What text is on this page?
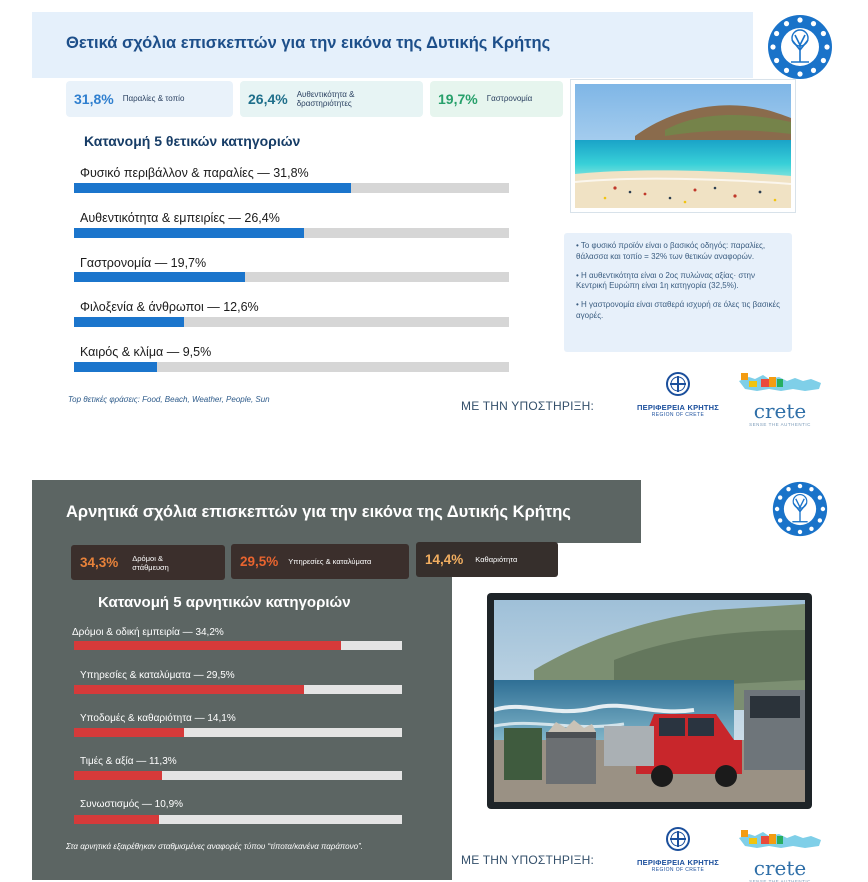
Θετικά σχόλια επισκεπτών για την εικόνα της Δυτικής Κρήτης
31,8% Παραλίες & τοπίο	26,4% Αυθεντικότητα & δραστηριότητες	19,7% Γαστρονομία
Κατανομή 5 θετικών κατηγοριών
Φυσικό περιβάλλον & παραλίες — 31,8%
Αυθεντικότητα & εμπειρίες — 26,4%
Γαστρονομία — 19,7%
Φιλοξενία & άνθρωποι — 12,6%
Καιρός & κλίμα — 9,5%
Top θετικές φράσεις: Food, Beach, Weather, People, Sun

• Το φυσικό προϊόν είναι ο βασικός οδηγός: παραλίες, θάλασσα και τοπίο = 32% των θετικών αναφορών.

• Η αυθεντικότητα είναι ο 2ος πυλώνας αξίας· στην Κεντρική Ευρώπη είναι 1η κατηγορία (32,5%).

• Η γαστρονομία είναι σταθερά ισχυρή σε όλες τις βασικές αγορές.

ΜΕ ΤΗΝ ΥΠΟΣΤΗΡΙΞΗ:	ΠΕΡΙΦΕΡΕΙΑ ΚΡΗΤΗΣ
REGION OF CRETE	crete
SENSE THE AUTHENTIC
Αρνητικά σχόλια επισκεπτών για την εικόνα της Δυτικής Κρήτης
34,3% Δρόμοι & στάθμευση	29,5% Υπηρεσίες & καταλύματα	14,4% Καθαριότητα
Κατανομή 5 αρνητικών κατηγοριών
Δρόμοι & οδική εμπειρία — 34,2%
Υπηρεσίες & καταλύματα — 29,5%
Υποδομές & καθαριότητα — 14,1%
Τιμές & αξία — 11,3%
Συνωστισμός — 10,9%
Στα αρνητικά εξαιρέθηκαν σταθμισμένες αναφορές τύπου “τίποτα/κανένα παράπονο”.
ΜΕ ΤΗΝ ΥΠΟΣΤΗΡΙΞΗ:	ΠΕΡΙΦΕΡΕΙΑ ΚΡΗΤΗΣ
REGION OF CRETE	crete
SENSE THE AUTHENTIC
